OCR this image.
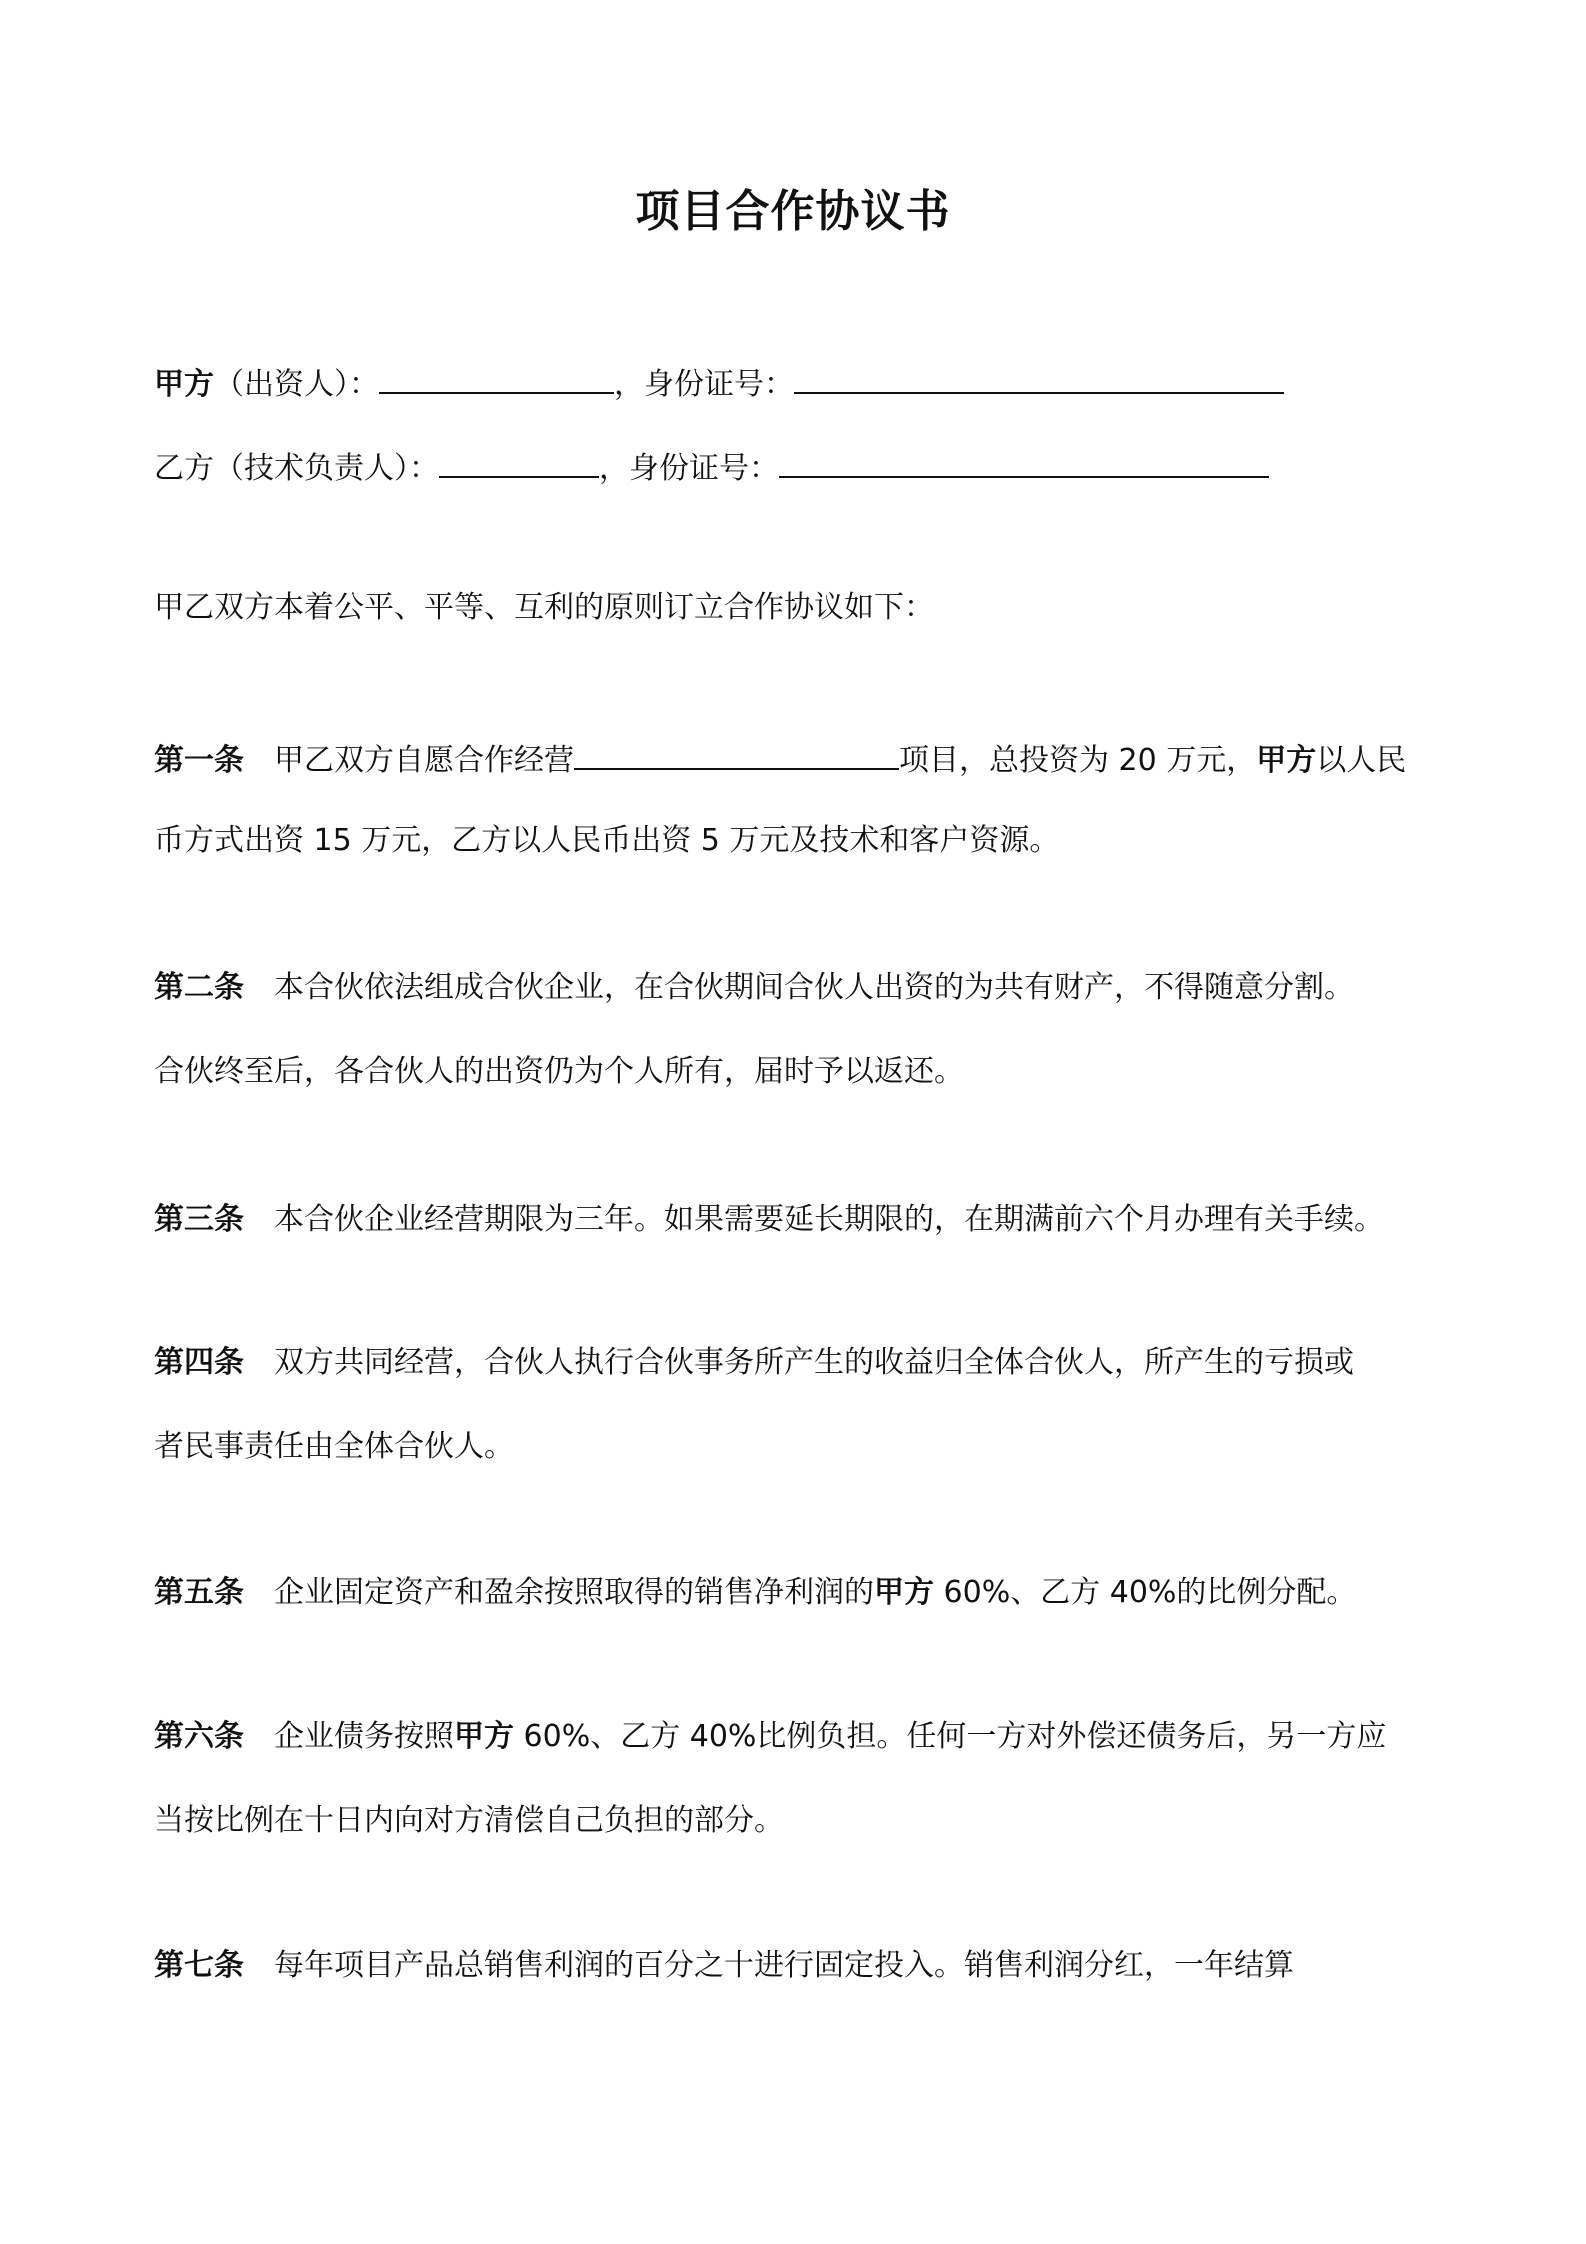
项目合作协议书
甲方（出资人）：	，身份证号：
乙方（技术负责人）：	，身份证号：
甲乙双方本着公平、平等、互利的原则订立合作协议如下：
第一条 甲乙双方自愿合作经营	项目，总投资为 20 万元，甲方以人民
币方式出资 15 万元，乙方以人民币出资 5 万元及技术和客户资源。
第二条 本合伙依法组成合伙企业，在合伙期间合伙人出资的为共有财产，不得随意分割。
合伙终至后，各合伙人的出资仍为个人所有，届时予以返还。
第三条 本合伙企业经营期限为三年。如果需要延长期限的，在期满前六个月办理有关手续。
第四条 双方共同经营，合伙人执行合伙事务所产生的收益归全体合伙人，所产生的亏损或
者民事责任由全体合伙人。
第五条 企业固定资产和盈余按照取得的销售净利润的甲方 60%、乙方 40%的比例分配。
第六条 企业债务按照甲方 60%、乙方 40%比例负担。任何一方对外偿还债务后，另一方应
当按比例在十日内向对方清偿自己负担的部分。
第七条 每年项目产品总销售利润的百分之十进行固定投入。销售利润分红，一年结算
